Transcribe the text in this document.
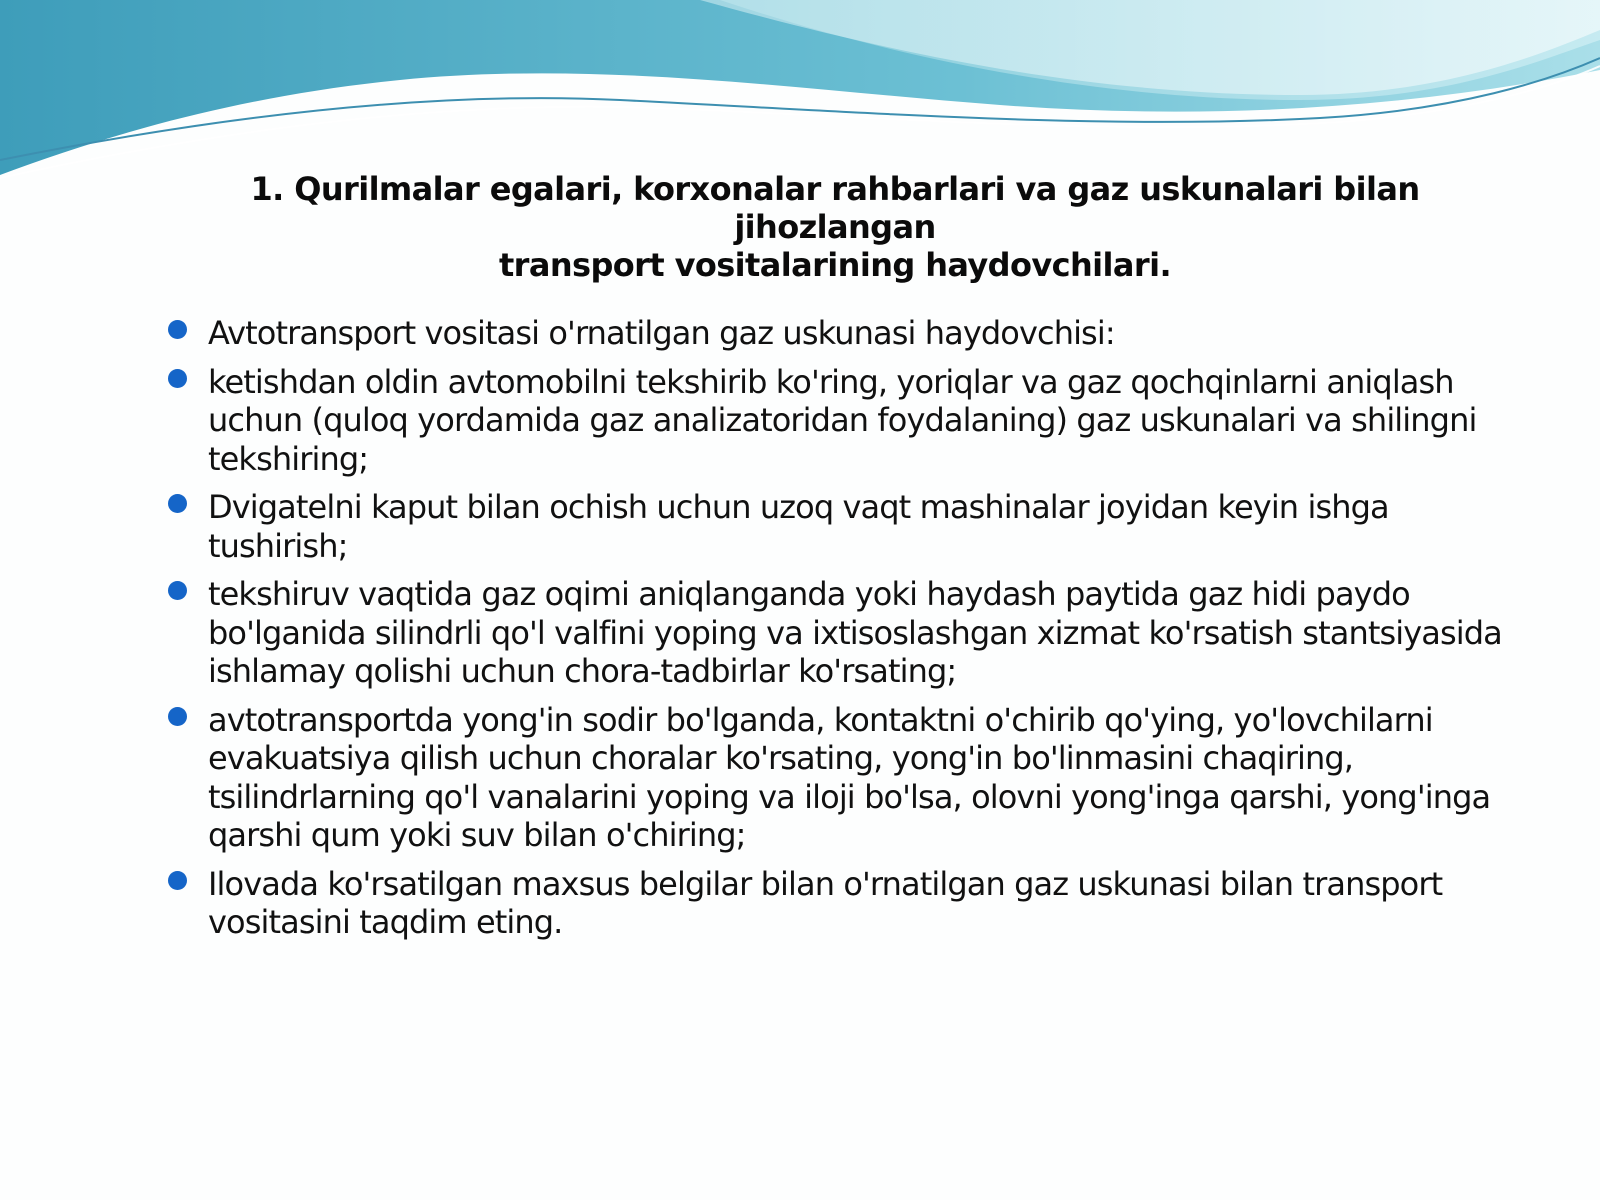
1. Qurilmalar egalari, korxonalar rahbarlari va gaz uskunalari bilan jihozlangan
transport vositalarining haydovchilari.
Avtotransport vositasi o'rnatilgan gaz uskunasi haydovchisi:
ketishdan oldin avtomobilni tekshirib ko'ring, yoriqlar va gaz qochqinlarni aniqlash uchun (quloq yordamida gaz analizatoridan foydalaning) gaz uskunalari va shilingni tekshiring;
Dvigatelni kaput bilan ochish uchun uzoq vaqt mashinalar joyidan keyin ishga tushirish;
tekshiruv vaqtida gaz oqimi aniqlanganda yoki haydash paytida gaz hidi paydo bo'lganida silindrli qo'l valfini yoping va ixtisoslashgan xizmat ko'rsatish stantsiyasida ishlamay qolishi uchun chora-tadbirlar ko'rsating;
avtotransportda yong'in sodir bo'lganda, kontaktni o'chirib qo'ying, yo'lovchilarni evakuatsiya qilish uchun choralar ko'rsating, yong'in bo'linmasini chaqiring, tsilindrlarning qo'l vanalarini yoping va iloji bo'lsa, olovni yong'inga qarshi, yong'inga qarshi qum yoki suv bilan o'chiring;
Ilovada ko'rsatilgan maxsus belgilar bilan o'rnatilgan gaz uskunasi bilan transport vositasini taqdim eting.
